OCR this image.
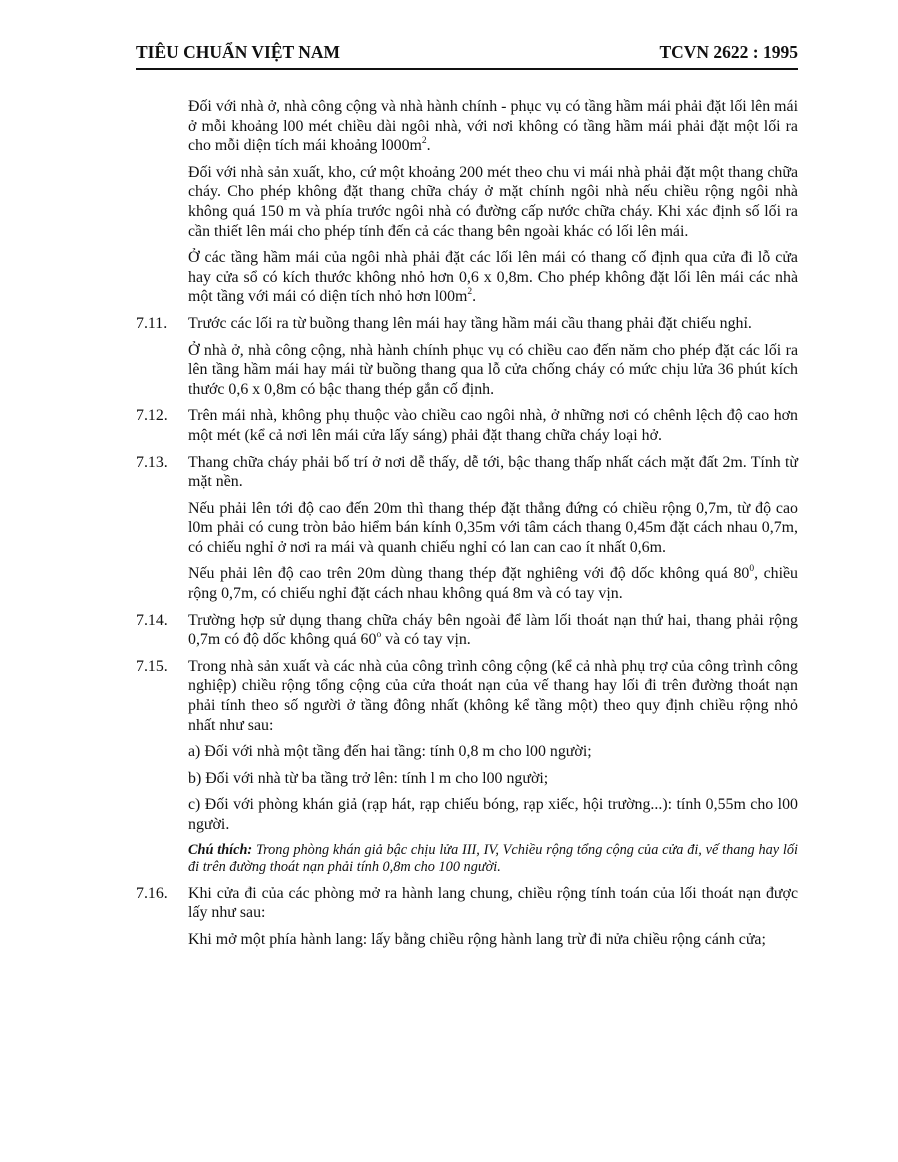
TIÊU CHUẨN VIỆT NAM	TCVN 2622 : 1995
Đối với nhà ở, nhà công cộng và nhà hành chính - phục vụ có tầng hầm mái phải đặt lối lên mái ở mỗi khoảng l00 mét chiều dài ngôi nhà, với nơi không có tầng hầm mái phải đặt một lối ra cho mỗi diện tích mái khoảng $l000m^2$.
Đối với nhà sản xuất, kho, cứ một khoảng 200 mét theo chu vi mái nhà phải đặt một thang chữa cháy. Cho phép không đặt thang chữa cháy ở mặt chính ngôi nhà nếu chiều rộng ngôi nhà không quá 150 m và phía trước ngôi nhà có đường cấp nước chữa cháy. Khi xác định số lối ra cần thiết lên mái cho phép tính đến cả các thang bên ngoài khác có lối lên mái.
Ở các tầng hầm mái của ngôi nhà phải đặt các lối lên mái có thang cố định qua cửa đi lỗ cửa hay cửa sổ có kích thước không nhỏ hơn 0,6 x 0,8m. Cho phép không đặt lối lên mái các nhà một tầng với mái có diện tích nhỏ hơn $l00m^2$.
7.11. Trước các lối ra từ buồng thang lên mái hay tầng hầm mái cầu thang phải đặt chiếu nghỉ.
Ở nhà ở, nhà công cộng, nhà hành chính phục vụ có chiều cao đến năm cho phép đặt các lối ra lên tầng hầm mái hay mái từ buồng thang qua lỗ cửa chống cháy có mức chịu lửa 36 phút kích thước 0,6 x 0,8m có bậc thang thép gắn cố định.
7.12. Trên mái nhà, không phụ thuộc vào chiều cao ngôi nhà, ở những nơi có chênh lệch độ cao hơn một mét (kể cả nơi lên mái cửa lấy sáng) phải đặt thang chữa cháy loại hở.
7.13. Thang chữa cháy phải bố trí ở nơi dễ thấy, dễ tới, bậc thang thấp nhất cách mặt đất 2m. Tính từ mặt nền.
Nếu phải lên tới độ cao đến 20m thì thang thép đặt thẳng đứng có chiều rộng 0,7m, từ độ cao l0m phải có cung tròn bảo hiểm bán kính 0,35m với tâm cách thang 0,45m đặt cách nhau 0,7m, có chiếu nghỉ ở nơi ra mái và quanh chiếu nghỉ có lan can cao ít nhất 0,6m.
Nếu phải lên độ cao trên 20m dùng thang thép đặt nghiêng với độ dốc không quá $80^0$, chiều rộng 0,7m, có chiếu nghỉ đặt cách nhau không quá 8m và có tay vịn.
7.14. Trường hợp sử dụng thang chữa cháy bên ngoài để làm lối thoát nạn thứ hai, thang phải rộng 0,7m có độ dốc không quá 60$^o$ và có tay vịn.
7.15. Trong nhà sản xuất và các nhà của công trình công cộng (kể cả nhà phụ trợ của công trình công nghiệp) chiều rộng tổng cộng của cửa thoát nạn của vế thang hay lối đi trên đường thoát nạn phải tính theo số người ở tầng đông nhất (không kể tầng một) theo quy định chiều rộng nhỏ nhất như sau:
a) Đối với nhà một tầng đến hai tầng: tính 0,8 m cho l00 người;
b) Đối với nhà từ ba tầng trở lên: tính l m cho l00 người;
c) Đối với phòng khán giả (rạp hát, rạp chiếu bóng, rạp xiếc, hội trường...): tính 0,55m cho l00 người.
Chú thích: Trong phòng khán giả bậc chịu lửa III, IV, Vchiều rộng tổng cộng của cửa đi, vế thang hay lối đi trên đường thoát nạn phải tính 0,8m cho 100 người.
7.16. Khi cửa đi của các phòng mở ra hành lang chung, chiều rộng tính toán của lối thoát nạn được lấy như sau:
Khi mở một phía hành lang: lấy bằng chiều rộng hành lang trừ đi nửa chiều rộng cánh cửa;
